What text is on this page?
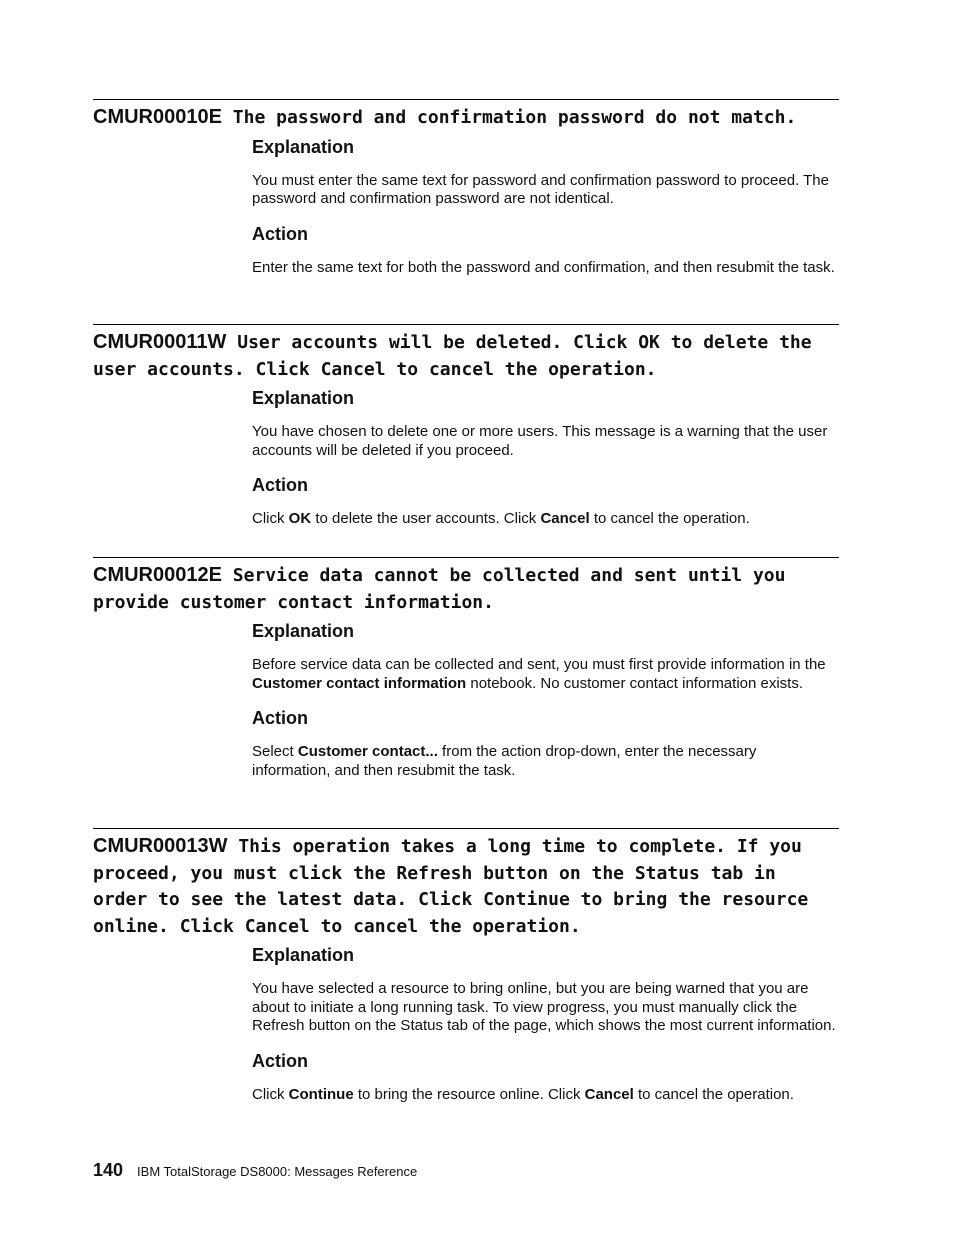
CMUR00010E The password and confirmation password do not match.
Explanation

You must enter the same text for password and confirmation password to proceed. The password and confirmation password are not identical.

Action

Enter the same text for both the password and confirmation, and then resubmit the task.

CMUR00011W User accounts will be deleted. Click OK to delete the user accounts. Click Cancel to cancel the operation.
Explanation

You have chosen to delete one or more users. This message is a warning that the user accounts will be deleted if you proceed.

Action

Click OK to delete the user accounts. Click Cancel to cancel the operation.

CMUR00012E Service data cannot be collected and sent until you provide customer contact information.
Explanation

Before service data can be collected and sent, you must first provide information in the Customer contact information notebook. No customer contact information exists.

Action

Select Customer contact... from the action drop-down, enter the necessary information, and then resubmit the task.

CMUR00013W This operation takes a long time to complete. If you proceed, you must click the Refresh button on the Status tab in order to see the latest data. Click Continue to bring the resource online. Click Cancel to cancel the operation.
Explanation

You have selected a resource to bring online, but you are being warned that you are about to initiate a long running task. To view progress, you must manually click the Refresh button on the Status tab of the page, which shows the most current information.

Action

Click Continue to bring the resource online. Click Cancel to cancel the operation.

140 IBM TotalStorage DS8000: Messages Reference
